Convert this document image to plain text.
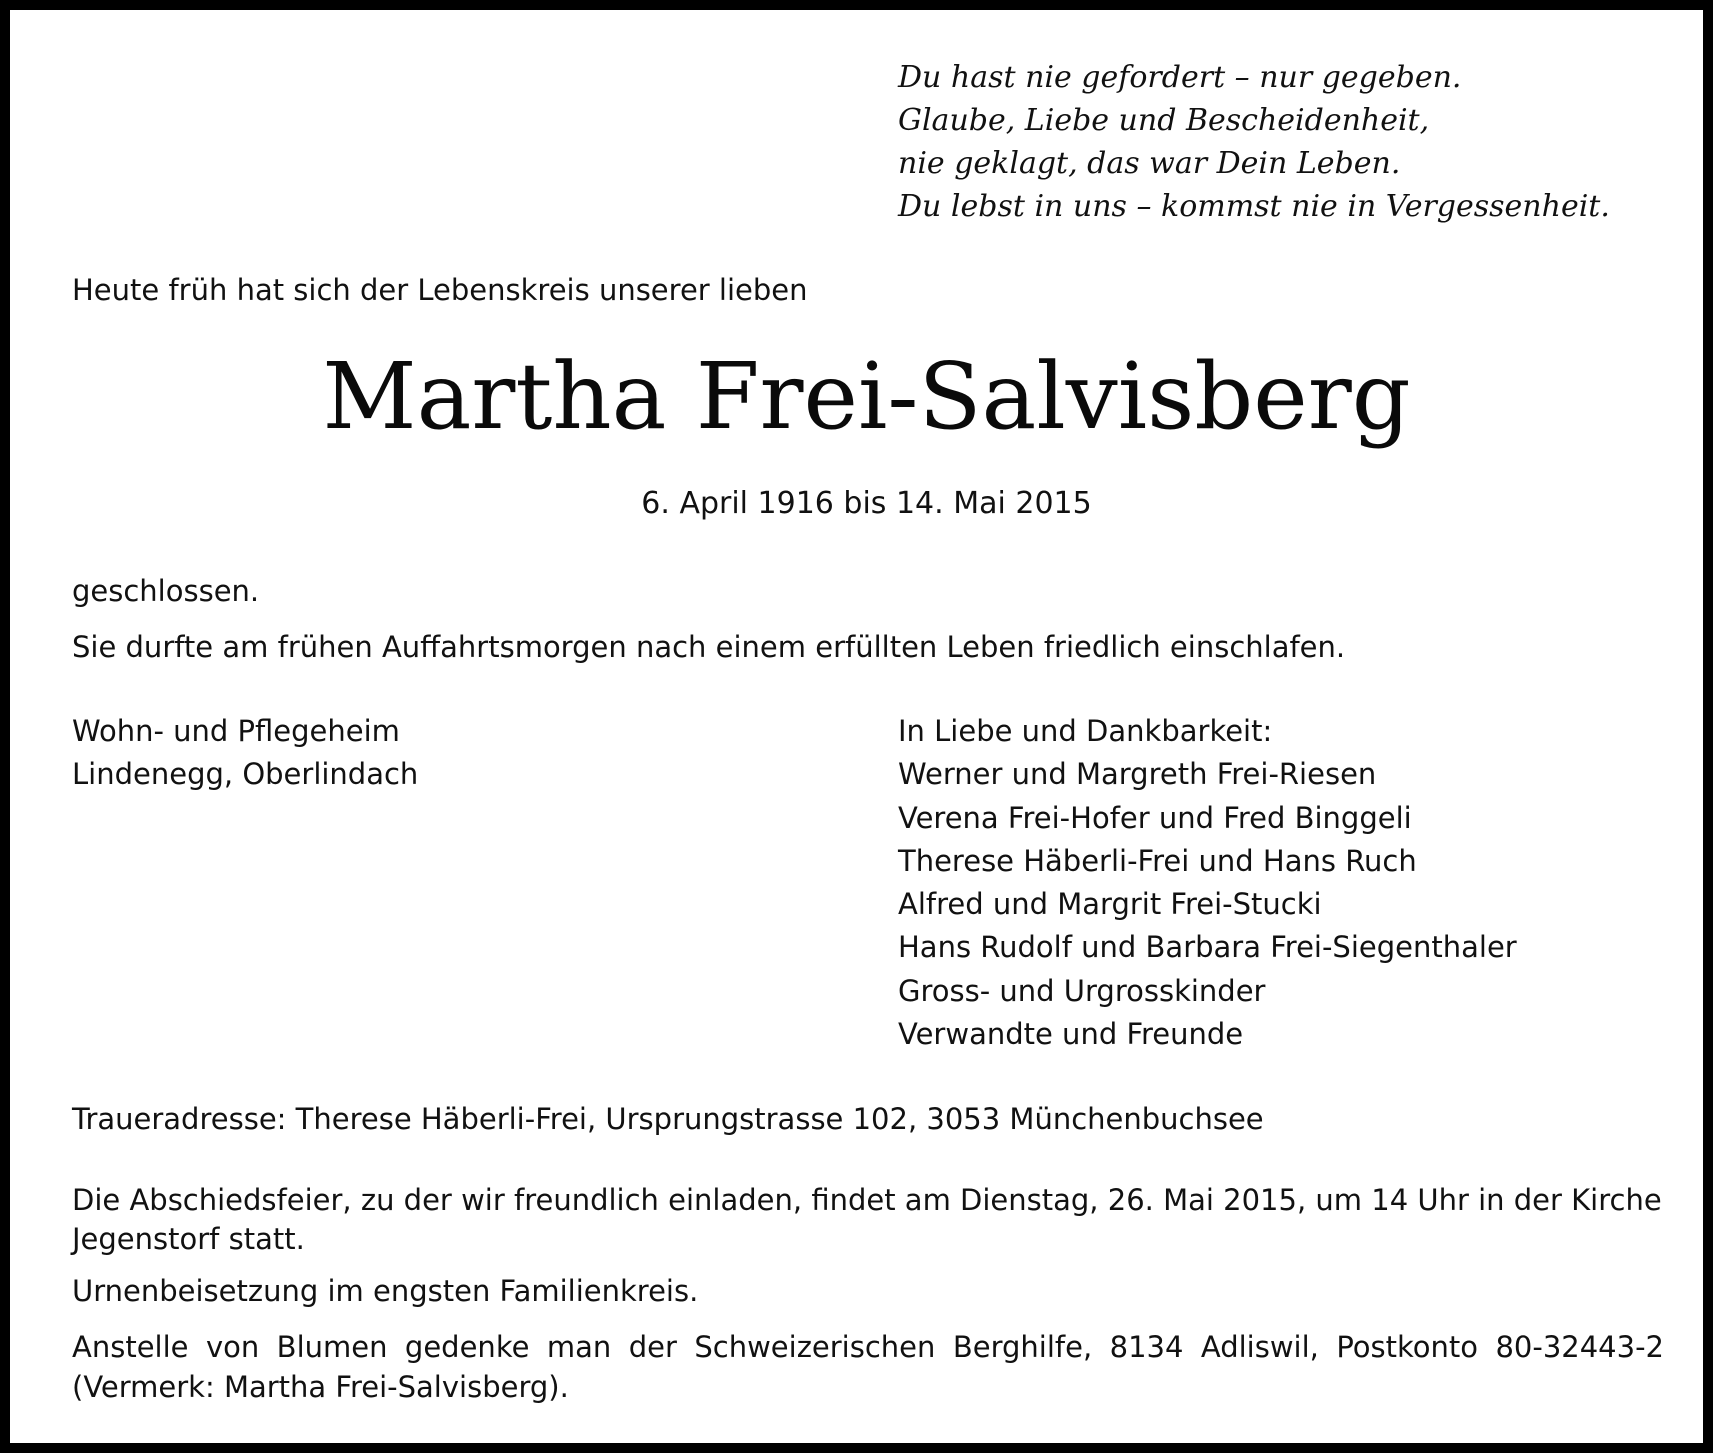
Du hast nie gefordert – nur gegeben.
Glaube, Liebe und Bescheidenheit,
nie geklagt, das war Dein Leben.
Du lebst in uns – kommst nie in Vergessenheit.
Heute früh hat sich der Lebenskreis unserer lieben
Martha Frei-Salvisberg
6. April 1916 bis 14. Mai 2015
geschlossen.
Sie durfte am frühen Auffahrtsmorgen nach einem erfüllten Leben friedlich einschlafen.
Wohn- und Pflegeheim
Lindenegg, Oberlindach
In Liebe und Dankbarkeit:
Werner und Margreth Frei-Riesen
Verena Frei-Hofer und Fred Binggeli
Therese Häberli-Frei und Hans Ruch
Alfred und Margrit Frei-Stucki
Hans Rudolf und Barbara Frei-Siegenthaler
Gross- und Urgrosskinder
Verwandte und Freunde
Traueradresse: Therese Häberli-Frei, Ursprungstrasse 102, 3053 Münchenbuchsee
Die Abschiedsfeier, zu der wir freundlich einladen, findet am Dienstag, 26. Mai 2015, um 14 Uhr in der Kirche Jegenstorf statt.
Urnenbeisetzung im engsten Familienkreis.
Anstelle von Blumen gedenke man der Schweizerischen Berghilfe, 8134 Adliswil, Postkonto 80-32443-2 (Vermerk: Martha Frei-Salvisberg).
